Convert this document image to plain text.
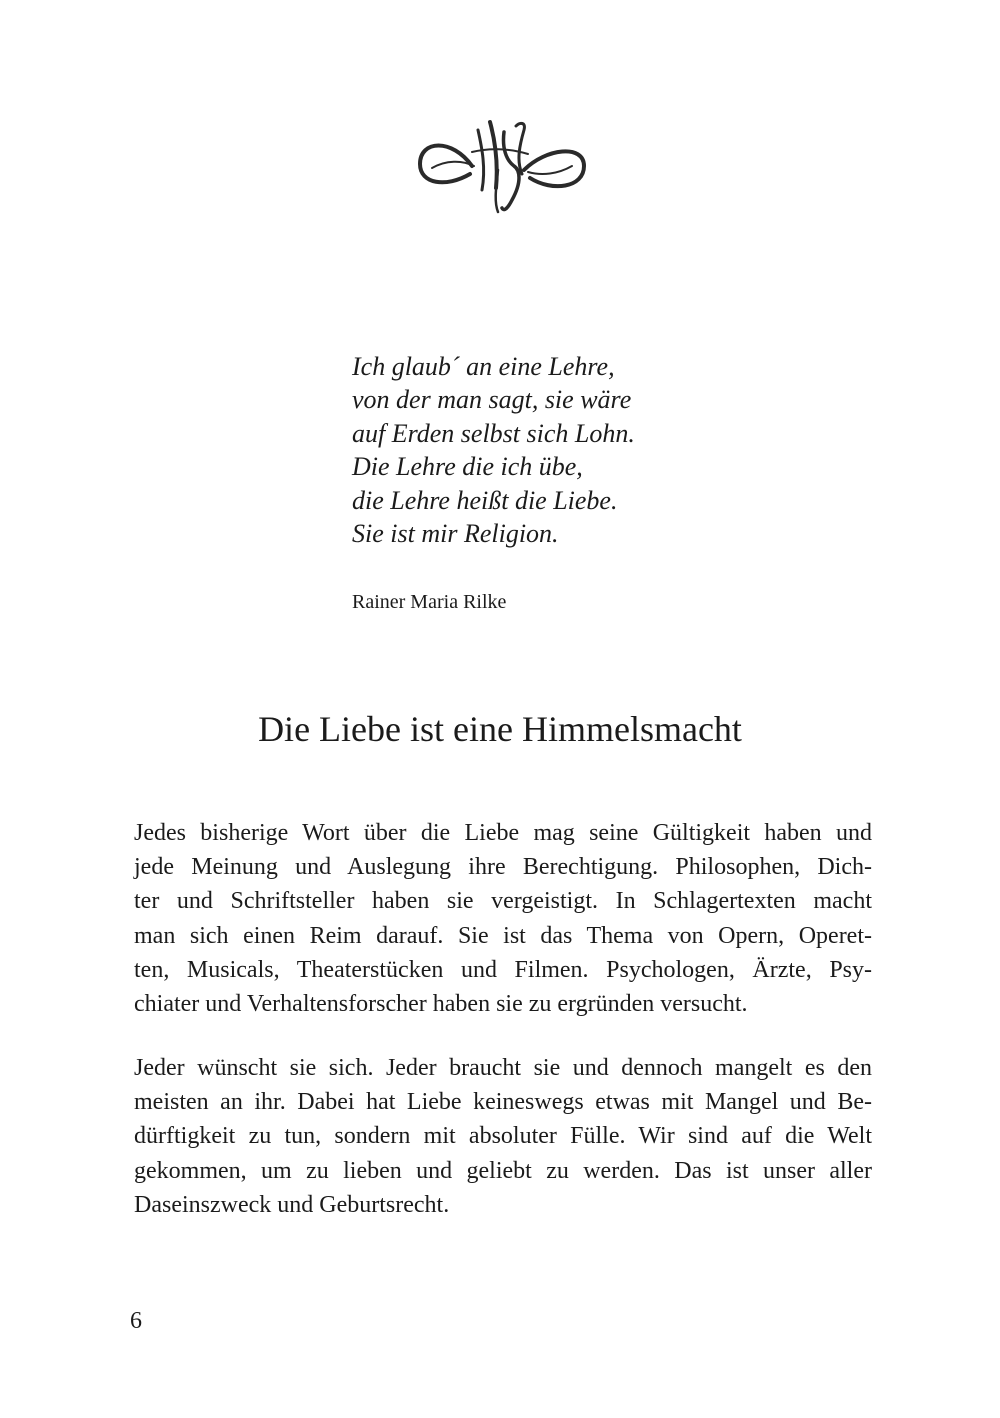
Ich glaub´ an eine Lehre,
von der man sagt, sie wäre
auf Erden selbst sich Lohn.
Die Lehre die ich übe,
die Lehre heißt die Liebe.
Sie ist mir Religion.
Rainer Maria Rilke
Die Liebe ist eine Himmelsmacht
Jedes bisherige Wort über die Liebe mag seine Gültigkeit haben und
jede Meinung und Auslegung ihre Berechtigung. Philosophen, Dich-
ter und Schriftsteller haben sie vergeistigt. In Schlagertexten macht
man sich einen Reim darauf. Sie ist das Thema von Opern, Operet-
ten, Musicals, Theaterstücken und Filmen. Psychologen, Ärzte, Psy-
chiater und Verhaltensforscher haben sie zu ergründen versucht.
Jeder wünscht sie sich. Jeder braucht sie und dennoch mangelt es den
meisten an ihr. Dabei hat Liebe keineswegs etwas mit Mangel und Be-
dürftigkeit zu tun, sondern mit absoluter Fülle. Wir sind auf die Welt
gekommen, um zu lieben und geliebt zu werden. Das ist unser aller
Daseinszweck und Geburtsrecht.
6
